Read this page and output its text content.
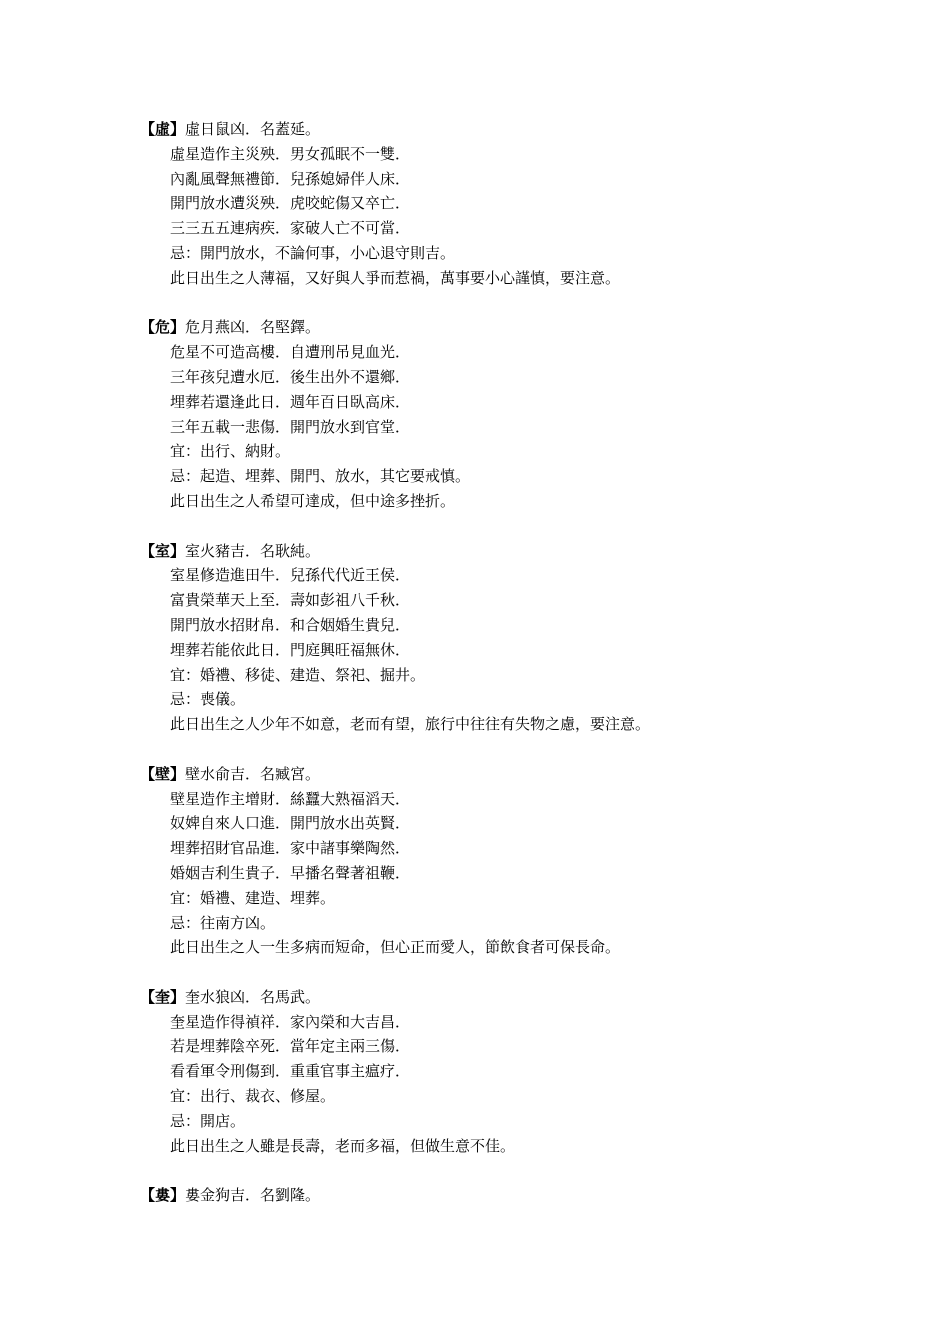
【虛】虛日鼠凶．名蓋延。
虛星造作主災殃．男女孤眠不一雙．
內亂風聲無禮節．兒孫媳婦伴人床．
開門放水遭災殃．虎咬蛇傷又卒亡．
三三五五連病疾．家破人亡不可當．
忌：開門放水，不論何事，小心退守則吉。
此日出生之人薄福，又好與人爭而惹禍，萬事要小心謹慎，要注意。
【危】危月燕凶．名堅鐸。
危星不可造高樓．自遭刑吊見血光．
三年孩兒遭水厄．後生出外不還鄉．
埋葬若還逢此日．週年百日臥高床．
三年五載一悲傷．開門放水到官堂．
宜：出行、納財。
忌：起造、埋葬、開門、放水，其它要戒慎。
此日出生之人希望可達成，但中途多挫折。
【室】室火豬吉．名耿純。
室星修造進田牛．兒孫代代近王侯．
富貴榮華天上至．壽如彭祖八千秋．
開門放水招財帛．和合姻婚生貴兒．
埋葬若能依此日．門庭興旺福無休．
宜：婚禮、移徒、建造、祭祀、掘井。
忌：喪儀。
此日出生之人少年不如意，老而有望，旅行中往往有失物之慮，要注意。
【壁】壁水俞吉．名臧宮。
壁星造作主增財．絲蠶大熟福滔天．
奴婢自來人口進．開門放水出英賢．
埋葬招財官品進．家中諸事樂陶然．
婚姻吉利生貴子．早播名聲著祖鞭．
宜：婚禮、建造、埋葬。
忌：往南方凶。
此日出生之人一生多病而短命，但心正而愛人，節飲食者可保長命。
【奎】奎水狼凶．名馬武。
奎星造作得禎祥．家內榮和大吉昌．
若是埋葬陰卒死．當年定主兩三傷．
看看軍令刑傷到．重重官事主瘟疗．
宜：出行、裁衣、修屋。
忌：開店。
此日出生之人雖是長壽，老而多福，但做生意不佳。
【婁】婁金狗吉．名劉隆。
